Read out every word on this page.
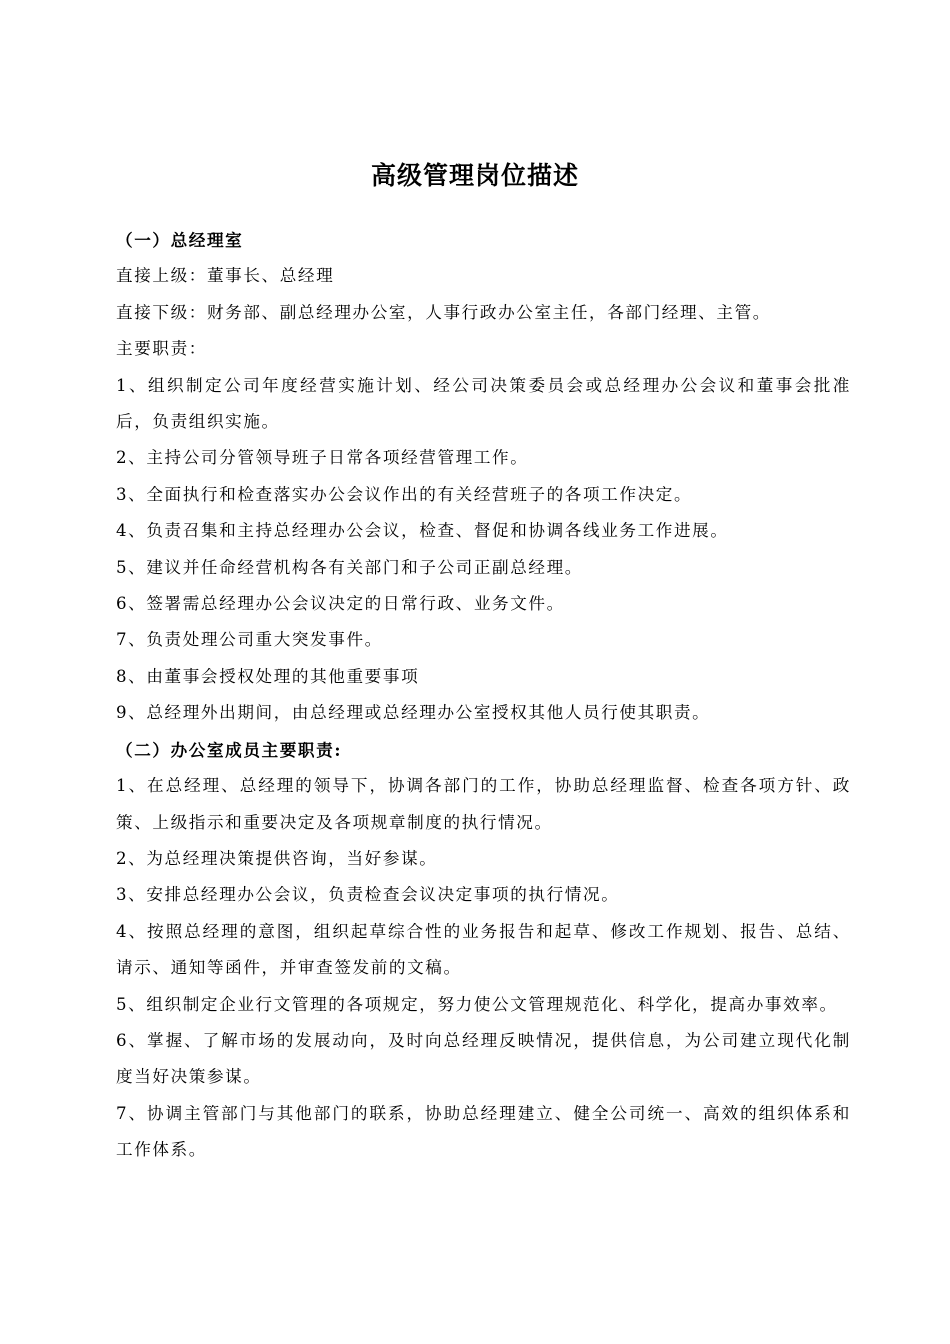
高级管理岗位描述
（一）总经理室
直接上级：董事长、总经理
直接下级：财务部、副总经理办公室，人事行政办公室主任，各部门经理、主管。
主要职责：
1、组织制定公司年度经营实施计划、经公司决策委员会或总经理办公会议和董事会批准后，负责组织实施。
2、主持公司分管领导班子日常各项经营管理工作。
3、全面执行和检查落实办公会议作出的有关经营班子的各项工作决定。
4、负责召集和主持总经理办公会议，检查、督促和协调各线业务工作进展。
5、建议并任命经营机构各有关部门和子公司正副总经理。
6、签署需总经理办公会议决定的日常行政、业务文件。
7、负责处理公司重大突发事件。
8、由董事会授权处理的其他重要事项
9、总经理外出期间，由总经理或总经理办公室授权其他人员行使其职责。
（二）办公室成员主要职责:
1、在总经理、总经理的领导下，协调各部门的工作，协助总经理监督、检查各项方针、政策、上级指示和重要决定及各项规章制度的执行情况。
2、为总经理决策提供咨询，当好参谋。
3、安排总经理办公会议，负责检查会议决定事项的执行情况。
4、按照总经理的意图，组织起草综合性的业务报告和起草、修改工作规划、报告、总结、请示、通知等函件，并审查签发前的文稿。
5、组织制定企业行文管理的各项规定，努力使公文管理规范化、科学化，提高办事效率。
6、掌握、了解市场的发展动向，及时向总经理反映情况，提供信息，为公司建立现代化制度当好决策参谋。
7、协调主管部门与其他部门的联系，协助总经理建立、健全公司统一、高效的组织体系和工作体系。
